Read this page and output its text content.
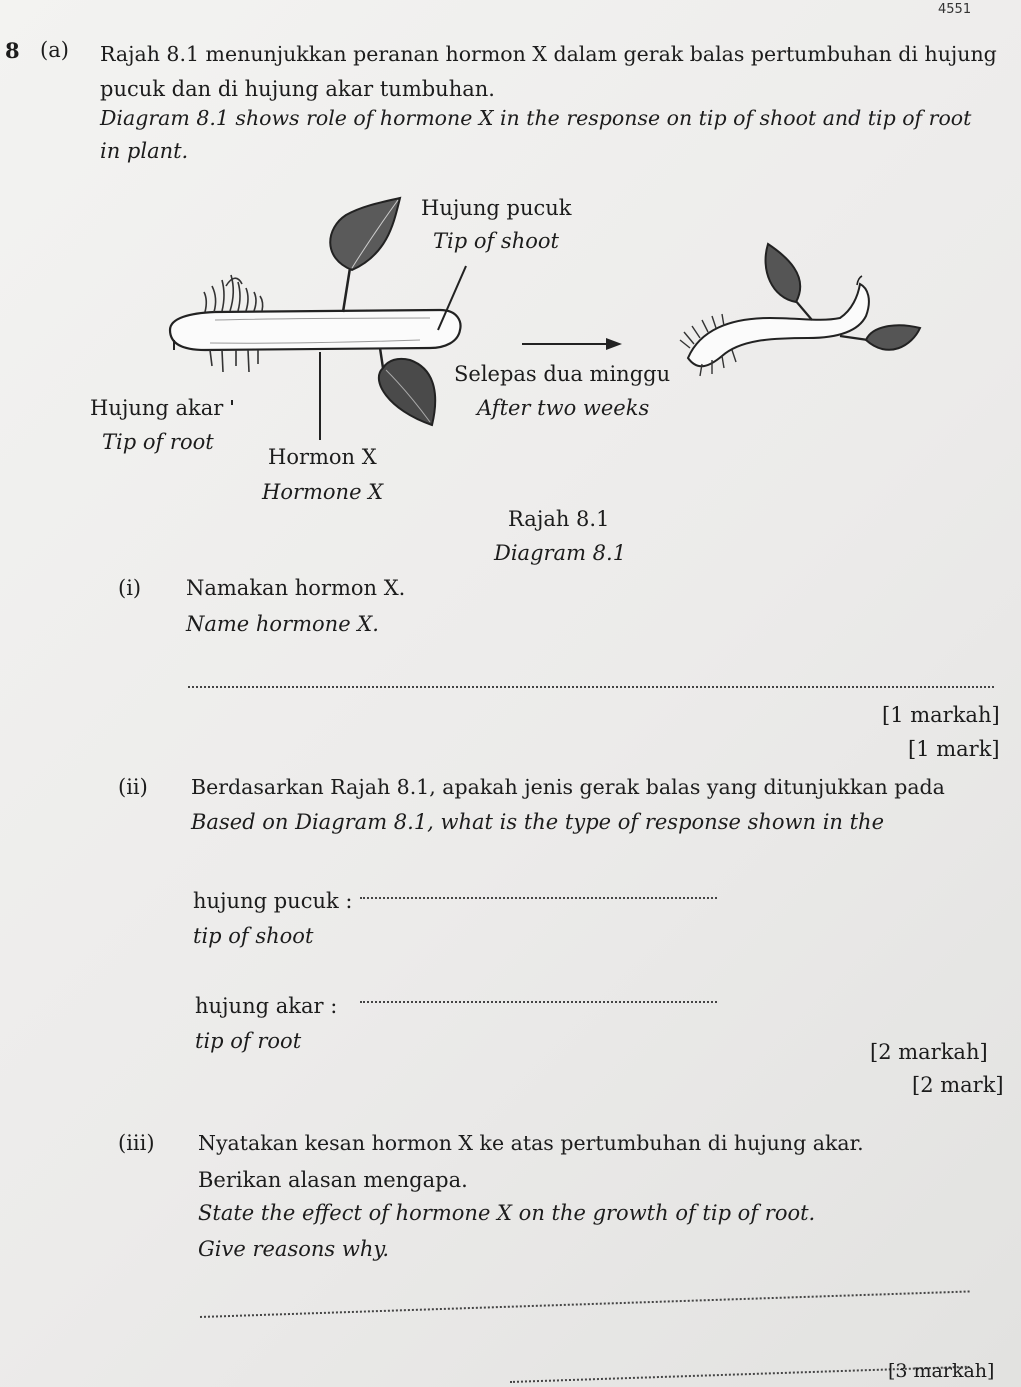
4551
8 (a) Rajah 8.1 menunjukkan peranan hormon X dalam gerak balas pertumbuhan di hujung
pucuk dan di hujung akar tumbuhan.
Diagram 8.1 shows role of hormone X in the response on tip of shoot and tip of root
in plant.
Hujung pucuk
Tip of shoot
Selepas dua minggu
After two weeks
Hujung akar
Tip of root
Hormon X
Hormone X
Rajah 8.1
Diagram 8.1
(i) Namakan hormon X.
Name hormone X.
[1 markah]
[1 mark]
(ii) Berdasarkan Rajah 8.1, apakah jenis gerak balas yang ditunjukkan pada
Based on Diagram 8.1, what is the type of response shown in the
hujung pucuk :
tip of shoot
hujung akar :
tip of root	[2 markah]
[2 mark]
(iii) Nyatakan kesan hormon X ke atas pertumbuhan di hujung akar.
Berikan alasan mengapa.
State the effect of hormone X on the growth of tip of root.
Give reasons why.
[3 markah]
